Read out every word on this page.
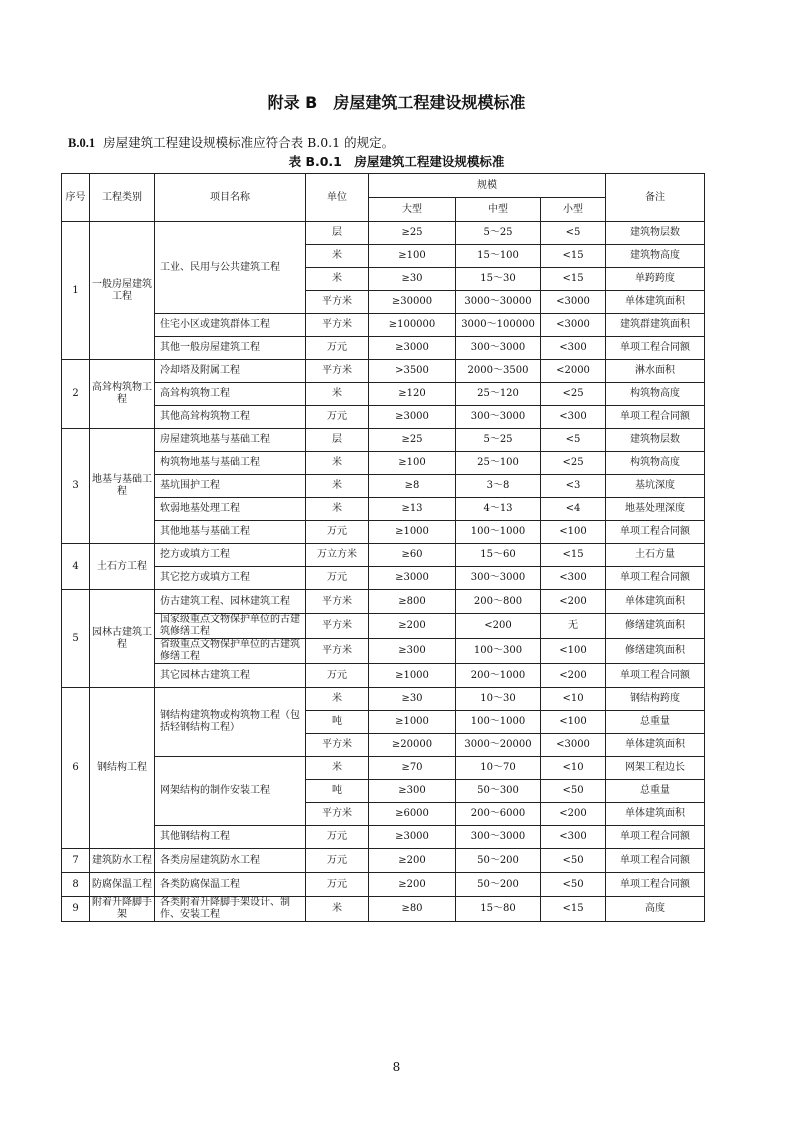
附录 B　房屋建筑工程建设规模标准
B.0.1 房屋建筑工程建设规模标准应符合表 B.0.1 的规定。
表 B.0.1　房屋建筑工程建设规模标准
序号	工程类别	项目名称	单位	规模			备注
				大型	中型	小型	
1	一般房屋建筑工程	工业、民用与公共建筑工程	层	≥25	5～25	<5	建筑物层数
			米	≥100	15～100	<15	建筑物高度
			米	≥30	15～30	<15	单跨跨度
			平方米	≥30000	3000～30000	<3000	单体建筑面积
		住宅小区或建筑群体工程	平方米	≥100000	3000～100000	<3000	建筑群建筑面积
		其他一般房屋建筑工程	万元	≥3000	300～3000	<300	单项工程合同额
2	高耸构筑物工程	冷却塔及附属工程	平方米	>3500	2000～3500	<2000	淋水面积
		高耸构筑物工程	米	≥120	25～120	<25	构筑物高度
		其他高耸构筑物工程	万元	≥3000	300～3000	<300	单项工程合同额
3	地基与基础工程	房屋建筑地基与基础工程	层	≥25	5～25	<5	建筑物层数
		构筑物地基与基础工程	米	≥100	25～100	<25	构筑物高度
		基坑围护工程	米	≥8	3～8	<3	基坑深度
		软弱地基处理工程	米	≥13	4～13	<4	地基处理深度
		其他地基与基础工程	万元	≥1000	100～1000	<100	单项工程合同额
4	土石方工程	挖方或填方工程	万立方米	≥60	15～60	<15	土石方量
		其它挖方或填方工程	万元	≥3000	300～3000	<300	单项工程合同额
5	园林古建筑工程	仿古建筑工程、园林建筑工程	平方米	≥800	200～800	<200	单体建筑面积
		国家级重点文物保护单位的古建筑修缮工程	平方米	≥200	<200	无	修缮建筑面积
		省级重点文物保护单位的古建筑修缮工程	平方米	≥300	100～300	<100	修缮建筑面积
		其它园林古建筑工程	万元	≥1000	200～1000	<200	单项工程合同额
6	钢结构工程	钢结构建筑物或构筑物工程（包括轻钢结构工程）	米	≥30	10～30	<10	钢结构跨度
			吨	≥1000	100～1000	<100	总重量
			平方米	≥20000	3000～20000	<3000	单体建筑面积
		网架结构的制作安装工程	米	≥70	10～70	<10	网架工程边长
			吨	≥300	50～300	<50	总重量
			平方米	≥6000	200～6000	<200	单体建筑面积
		其他钢结构工程	万元	≥3000	300～3000	<300	单项工程合同额
7	建筑防水工程	各类房屋建筑防水工程	万元	≥200	50～200	<50	单项工程合同额
8	防腐保温工程	各类防腐保温工程	万元	≥200	50～200	<50	单项工程合同额
9	附着升降脚手架	各类附着升降脚手架设计、制作、安装工程	米	≥80	15～80	<15	高度
8
